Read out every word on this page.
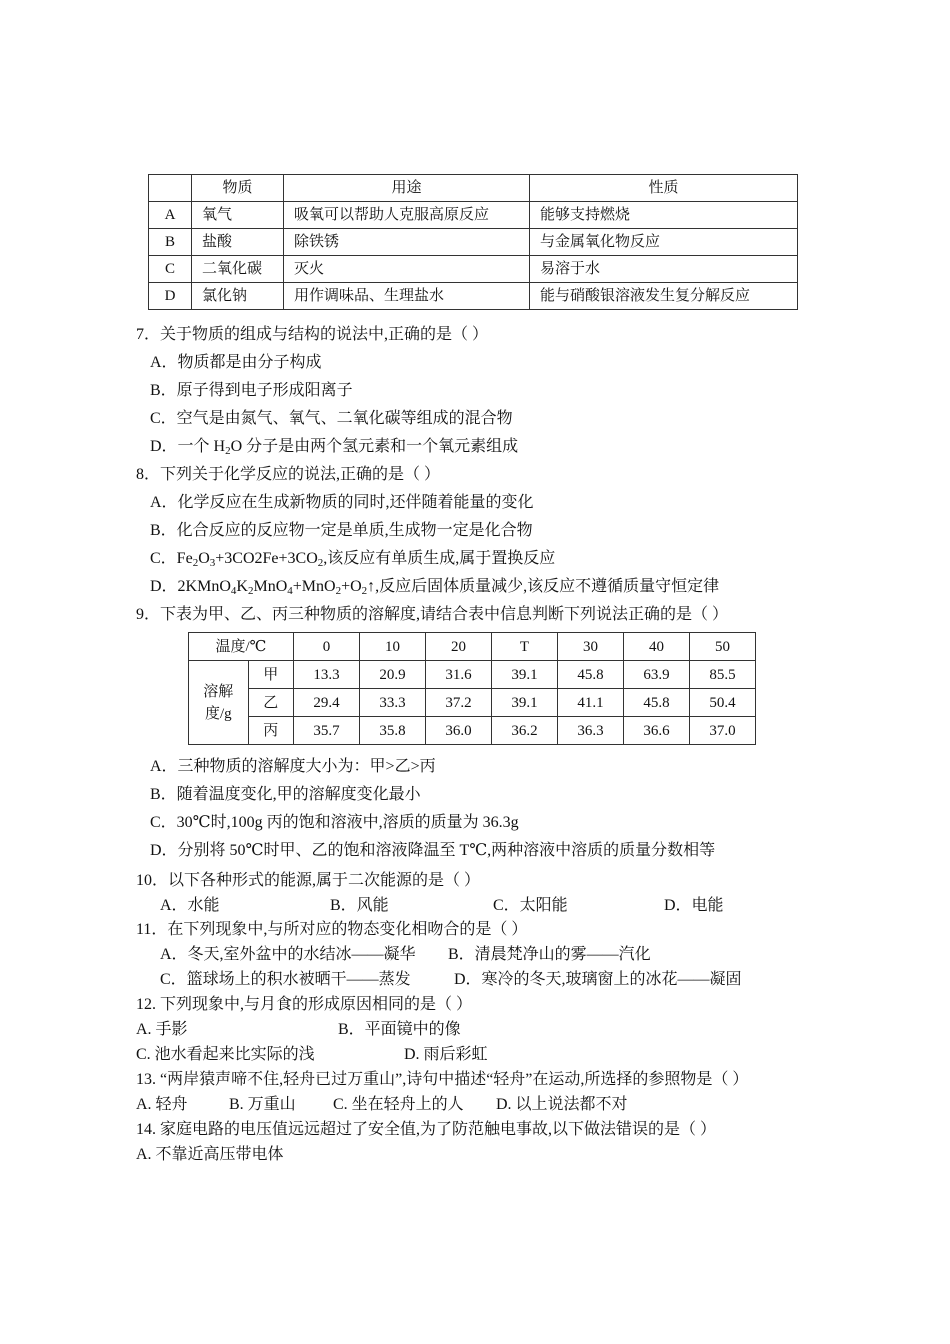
	物质	用途	性质
A	氧气	吸氧可以帮助人克服高原反应	能够支持燃烧
B	盐酸	除铁锈	与金属氧化物反应
C	二氧化碳	灭火	易溶于水
D	氯化钠	用作调味品、生理盐水	能与硝酸银溶液发生复分解反应
7．关于物质的组成与结构的说法中,正确的是（ ）
A．物质都是由分子构成
B．原子得到电子形成阳离子
C．空气是由氮气、氧气、二氧化碳等组成的混合物
D．一个 $H_2O$ 分子是由两个氢元素和一个氧元素组成
8．下列关于化学反应的说法,正确的是（ ）
A．化学反应在生成新物质的同时,还伴随着能量的变化
B．化合反应的反应物一定是单质,生成物一定是化合物
C．$Fe_2O_3+3CO2Fe+3CO_2$,该反应有单质生成,属于置换反应
D．$2KMnO_4K_2MnO_4+MnO_2+O_2↑$,反应后固体质量减少,该反应不遵循质量守恒定律
9．下表为甲、乙、丙三种物质的溶解度,请结合表中信息判断下列说法正确的是（ ）
温度/℃		0	10	20	T	30	40	50
溶解
度/g	甲	13.3	20.9	31.6	39.1	45.8	63.9	85.5
	乙	29.4	33.3	37.2	39.1	41.1	45.8	50.4
	丙	35.7	35.8	36.0	36.2	36.3	36.6	37.0
A．三种物质的溶解度大小为：甲>乙>丙
B．随着温度变化,甲的溶解度变化最小
C．30℃时,100g 丙的饱和溶液中,溶质的质量为 36.3g
D．分别将 50℃时甲、乙的饱和溶液降温至 T℃,两种溶液中溶质的质量分数相等
10．以下各种形式的能源,属于二次能源的是（ ）
A．水能	B．风能	C．太阳能	D．电能
11．在下列现象中,与所对应的物态变化相吻合的是（ ）
A．冬天,室外盆中的水结冰——凝华 B．清晨梵净山的雾——汽化
C．篮球场上的积水被晒干——蒸发	D．寒冷的冬天,玻璃窗上的冰花——凝固
12. 下列现象中,与月食的形成原因相同的是（ ）
A. 手影	B．平面镜中的像
C. 池水看起来比实际的浅	D. 雨后彩虹
13. “两岸猿声啼不住,轻舟已过万重山”,诗句中描述“轻舟”在运动,所选择的参照物是（ ）
A. 轻舟	B. 万重山 C. 坐在轻舟上的人 D. 以上说法都不对
14. 家庭电路的电压值远远超过了安全值,为了防范触电事故,以下做法错误的是（ ）
A. 不靠近高压带电体
